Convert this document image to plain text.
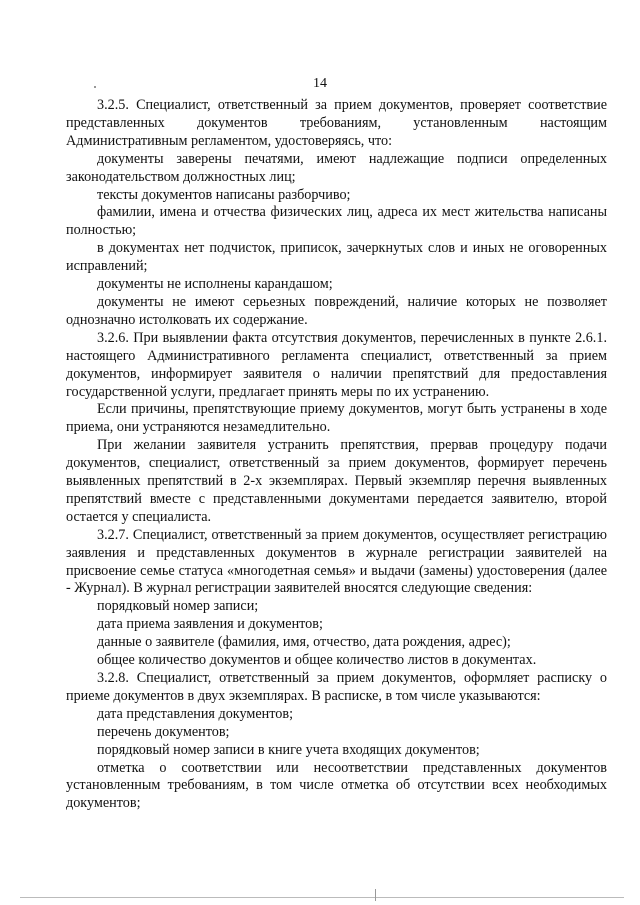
14

3.2.5. Специалист, ответственный за прием документов, проверяет соответствие представленных документов требованиям, установленным настоящим Административным регламентом, удостоверяясь, что:

документы заверены печатями, имеют надлежащие подписи определенных законодательством должностных лиц;

тексты документов написаны разборчиво;

фамилии, имена и отчества физических лиц, адреса их мест жительства написаны полностью;

в документах нет подчисток, приписок, зачеркнутых слов и иных не оговоренных исправлений;

документы не исполнены карандашом;

документы не имеют серьезных повреждений, наличие которых не позволяет однозначно истолковать их содержание.

3.2.6. При выявлении факта отсутствия документов, перечисленных в пункте 2.6.1. настоящего Административного регламента специалист, ответственный за прием документов, информирует заявителя о наличии препятствий для предоставления государственной услуги, предлагает принять меры по их устранению.

Если причины, препятствующие приему документов, могут быть устранены в ходе приема, они устраняются незамедлительно.

При желании заявителя устранить препятствия, прервав процедуру подачи документов, специалист, ответственный за прием документов, формирует перечень выявленных препятствий в 2-х экземплярах. Первый экземпляр перечня выявленных препятствий вместе с представленными документами передается заявителю, второй остается у специалиста.

3.2.7. Специалист, ответственный за прием документов, осуществляет регистрацию заявления и представленных документов в журнале регистрации заявителей на присвоение семье статуса «многодетная семья» и выдачи (замены) удостоверения (далее - Журнал). В журнал регистрации заявителей вносятся следующие сведения:

порядковый номер записи;

дата приема заявления и документов;

данные о заявителе (фамилия, имя, отчество, дата рождения, адрес);

общее количество документов и общее количество листов в документах.

3.2.8. Специалист, ответственный за прием документов, оформляет расписку о приеме документов в двух экземплярах. В расписке, в том числе указываются:

дата представления документов;

перечень документов;

порядковый номер записи в книге учета входящих документов;

отметка о соответствии или несоответствии представленных документов установленным требованиям, в том числе отметка об отсутствии всех необходимых документов;
